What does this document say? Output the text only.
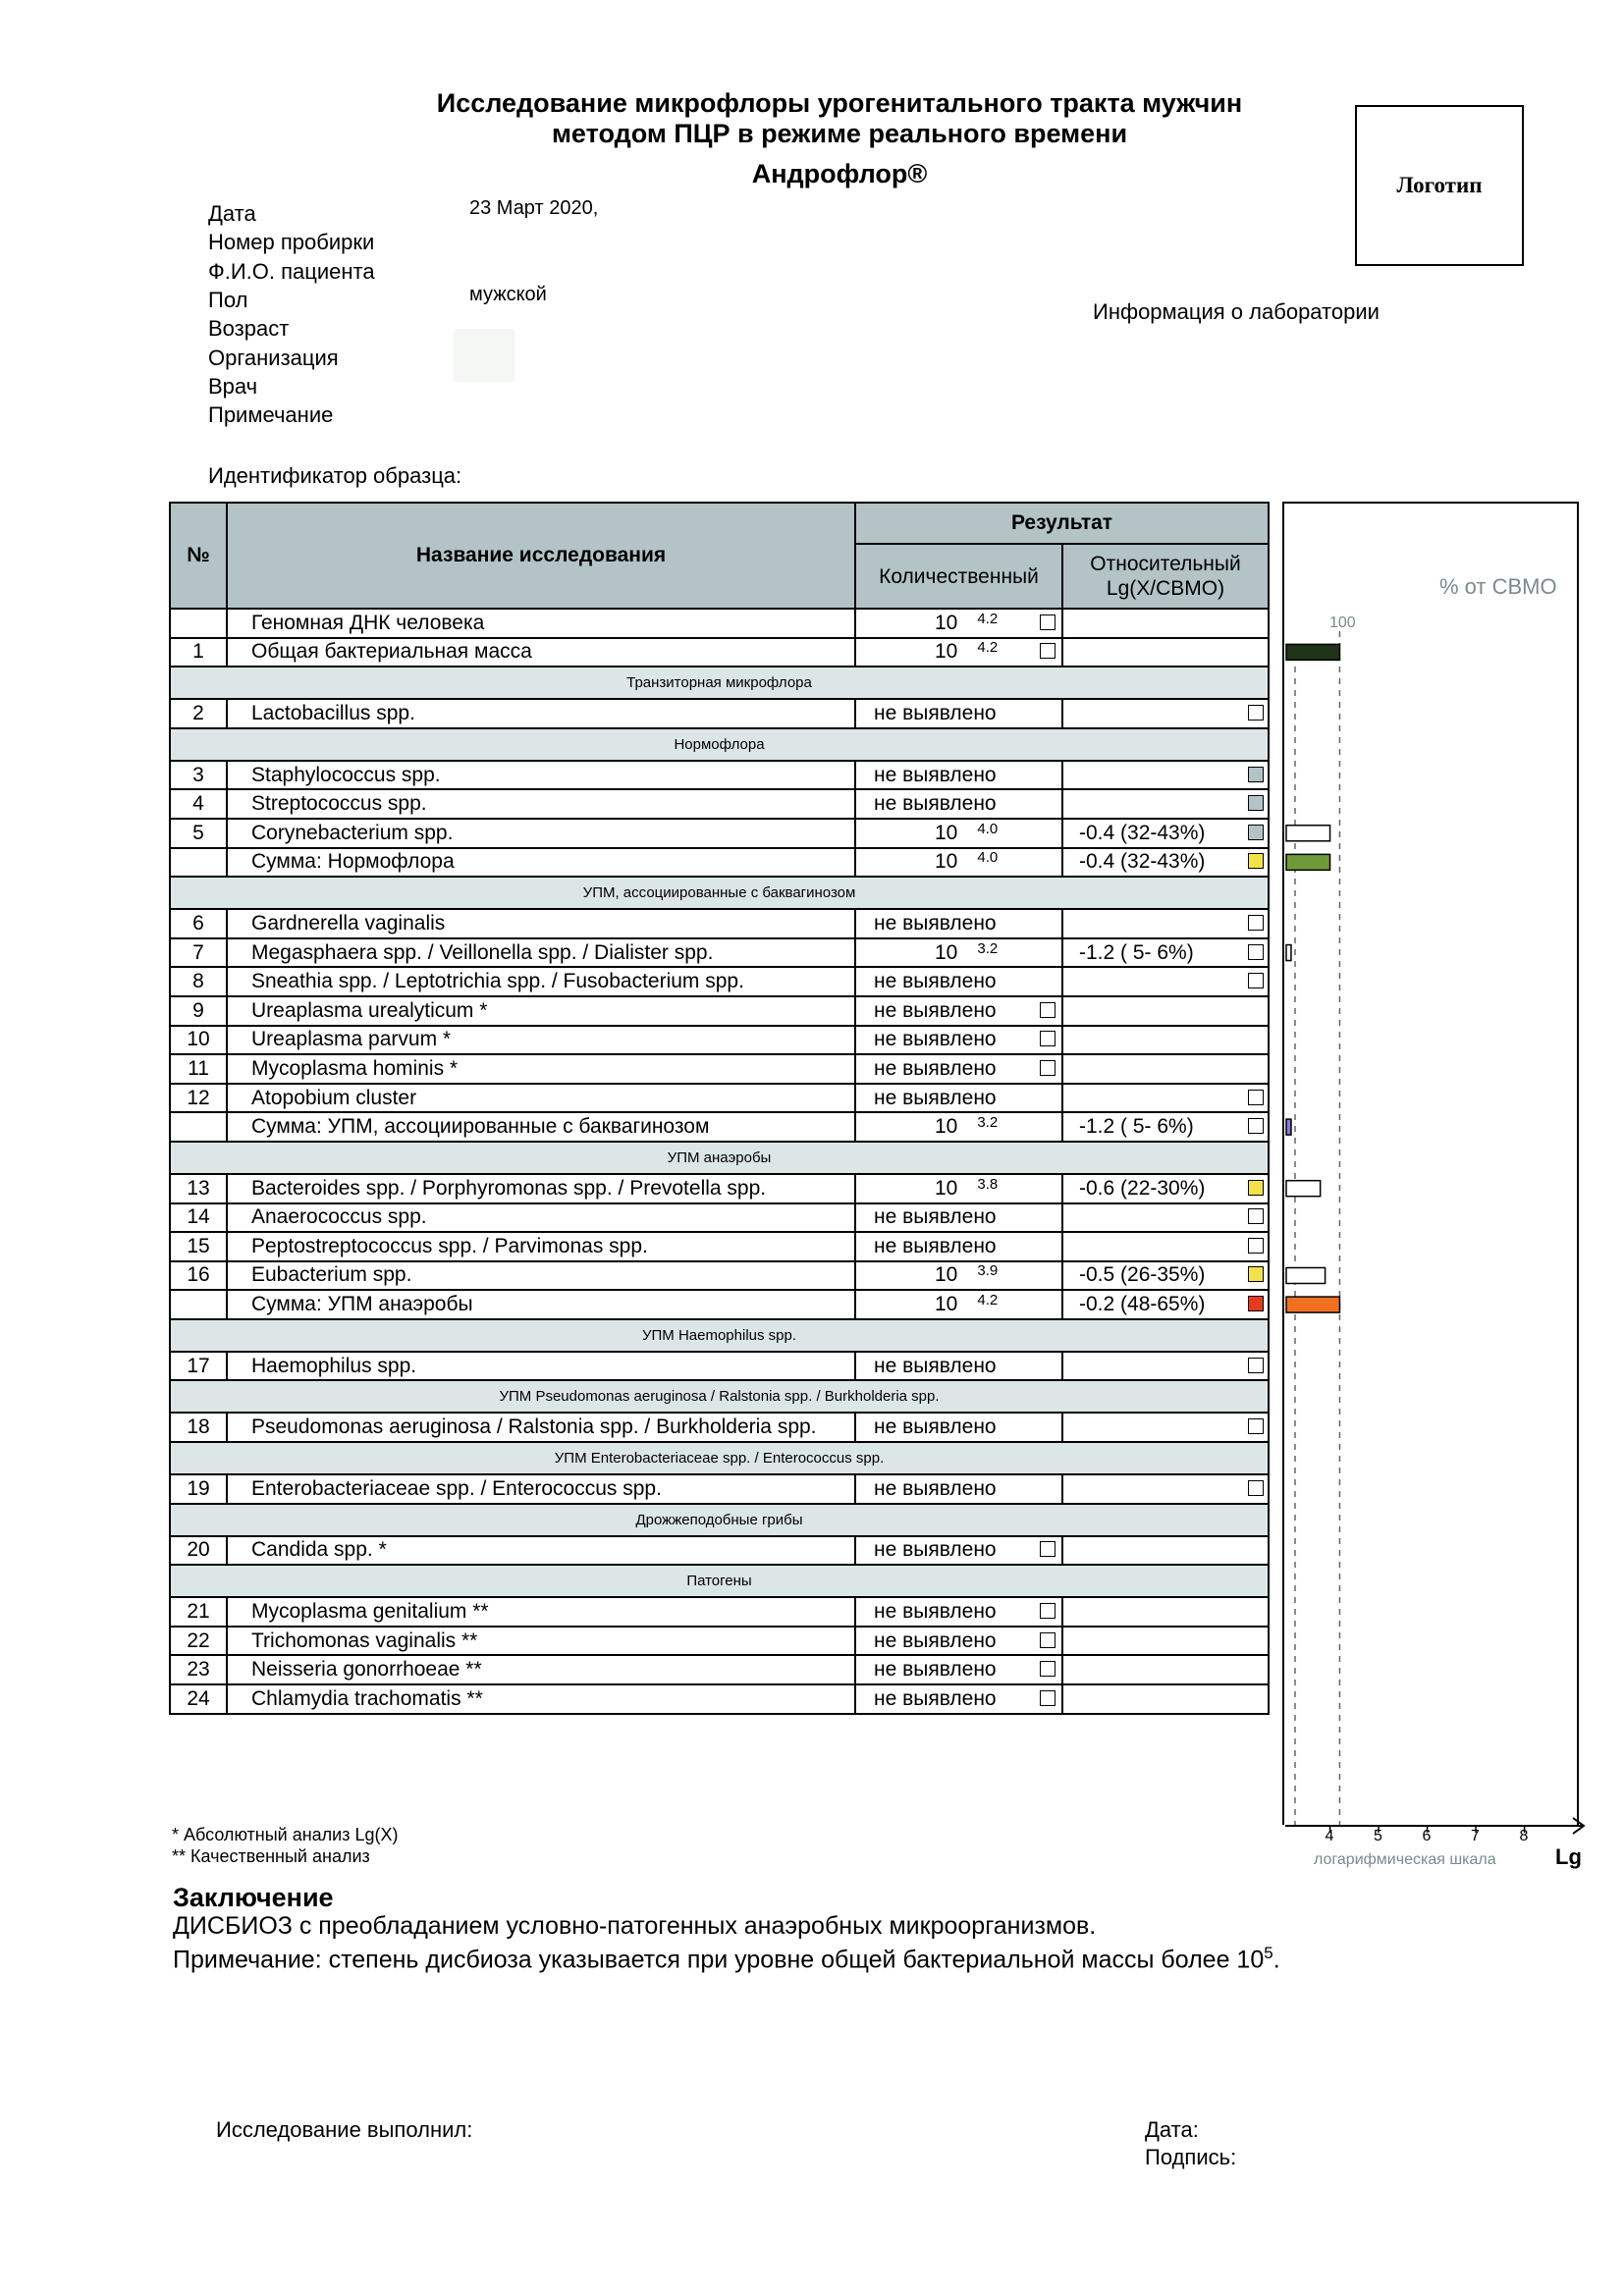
Исследование микрофлоры урогенитального тракта мужчин
методом ПЦР в режиме реального времени
Андрофлор®	Логотип
Информация о лаборатории
Дата	23 Март 2020,
Номер пробирки
Ф.И.О. пациента
Пол	мужской
Возраст
Организация
Врач
Примечание
Идентификатор образца:
№	Название исследования	Результат	
		Количественный	Относительный
Lg(X/СВМО)
	Геномная ДНК человека	10 $^{4.2}$

1	Общая бактериальная масса	10 $^{4.2}$

Транзиторная микрофлора			
2	Lactobacillus spp.	не выявлено	

Нормофлора			
3	Staphylococcus spp.	не выявлено	

4	Streptococcus spp.	не выявлено	

5	Corynebacterium spp.	10 $^{4.0}$	-0.4 (32-43%)

	Сумма: Нормофлора	10 $^{4.0}$	-0.4 (32-43%)

УПМ, ассоциированные с баквагинозом			
6	Gardnerella vaginalis	не выявлено	

7	Megasphaera spp. / Veillonella spp. / Dialister spp.	10 $^{3.2}$	-1.2 ( 5- 6%)

8	Sneathia spp. / Leptotrichia spp. / Fusobacterium spp.	не выявлено	

9	Ureaplasma urealyticum *	не выявлено

10	Ureaplasma parvum *	не выявлено

11	Mycoplasma hominis *	не выявлено

12	Atopobium cluster	не выявлено	

	Сумма: УПМ, ассоциированные с баквагинозом	10 $^{3.2}$	-1.2 ( 5- 6%)

УПМ анаэробы			
13	Bacteroides spp. / Porphyromonas spp. / Prevotella spp.	10 $^{3.8}$	-0.6 (22-30%)

14	Anaerococcus spp.	не выявлено	

15	Peptostreptococcus spp. / Parvimonas spp.	не выявлено	

16	Eubacterium spp.	10 $^{3.9}$	-0.5 (26-35%)

	Сумма: УПМ анаэробы	10 $^{4.2}$	-0.2 (48-65%)

УПМ Haemophilus spp.			
17	Haemophilus spp.	не выявлено	

УПМ Pseudomonas aeruginosa / Ralstonia spp. / Burkholderia spp.			
18	Pseudomonas aeruginosa / Ralstonia spp. / Burkholderia spp.	не выявлено	

УПМ Enterobacteriaceae spp. / Enterococcus spp.			
19	Enterobacteriaceae spp. / Enterococcus spp.	не выявлено	

Дрожжеподобные грибы			
20	Candida spp. *	не выявлено

Патогены			
21	Mycoplasma genitalium **	не выявлено

22	Trichomonas vaginalis **	не выявлено

23	Neisseria gonorrhoeae **	не выявлено

24	Chlamydia trachomatis **	не выявлено

% от СВМО
100
4	5	6	7	8
логарифмическая шкала	Lg
* Абсолютный анализ Lg(X)
** Качественный анализ
Заключение
ДИСБИОЗ с преобладанием условно-патогенных анаэробных микроорганизмов.
Примечание: степень дисбиоза указывается при уровне общей бактериальной массы более $10^5$.
Исследование выполнил:	Дата:
Подпись:
